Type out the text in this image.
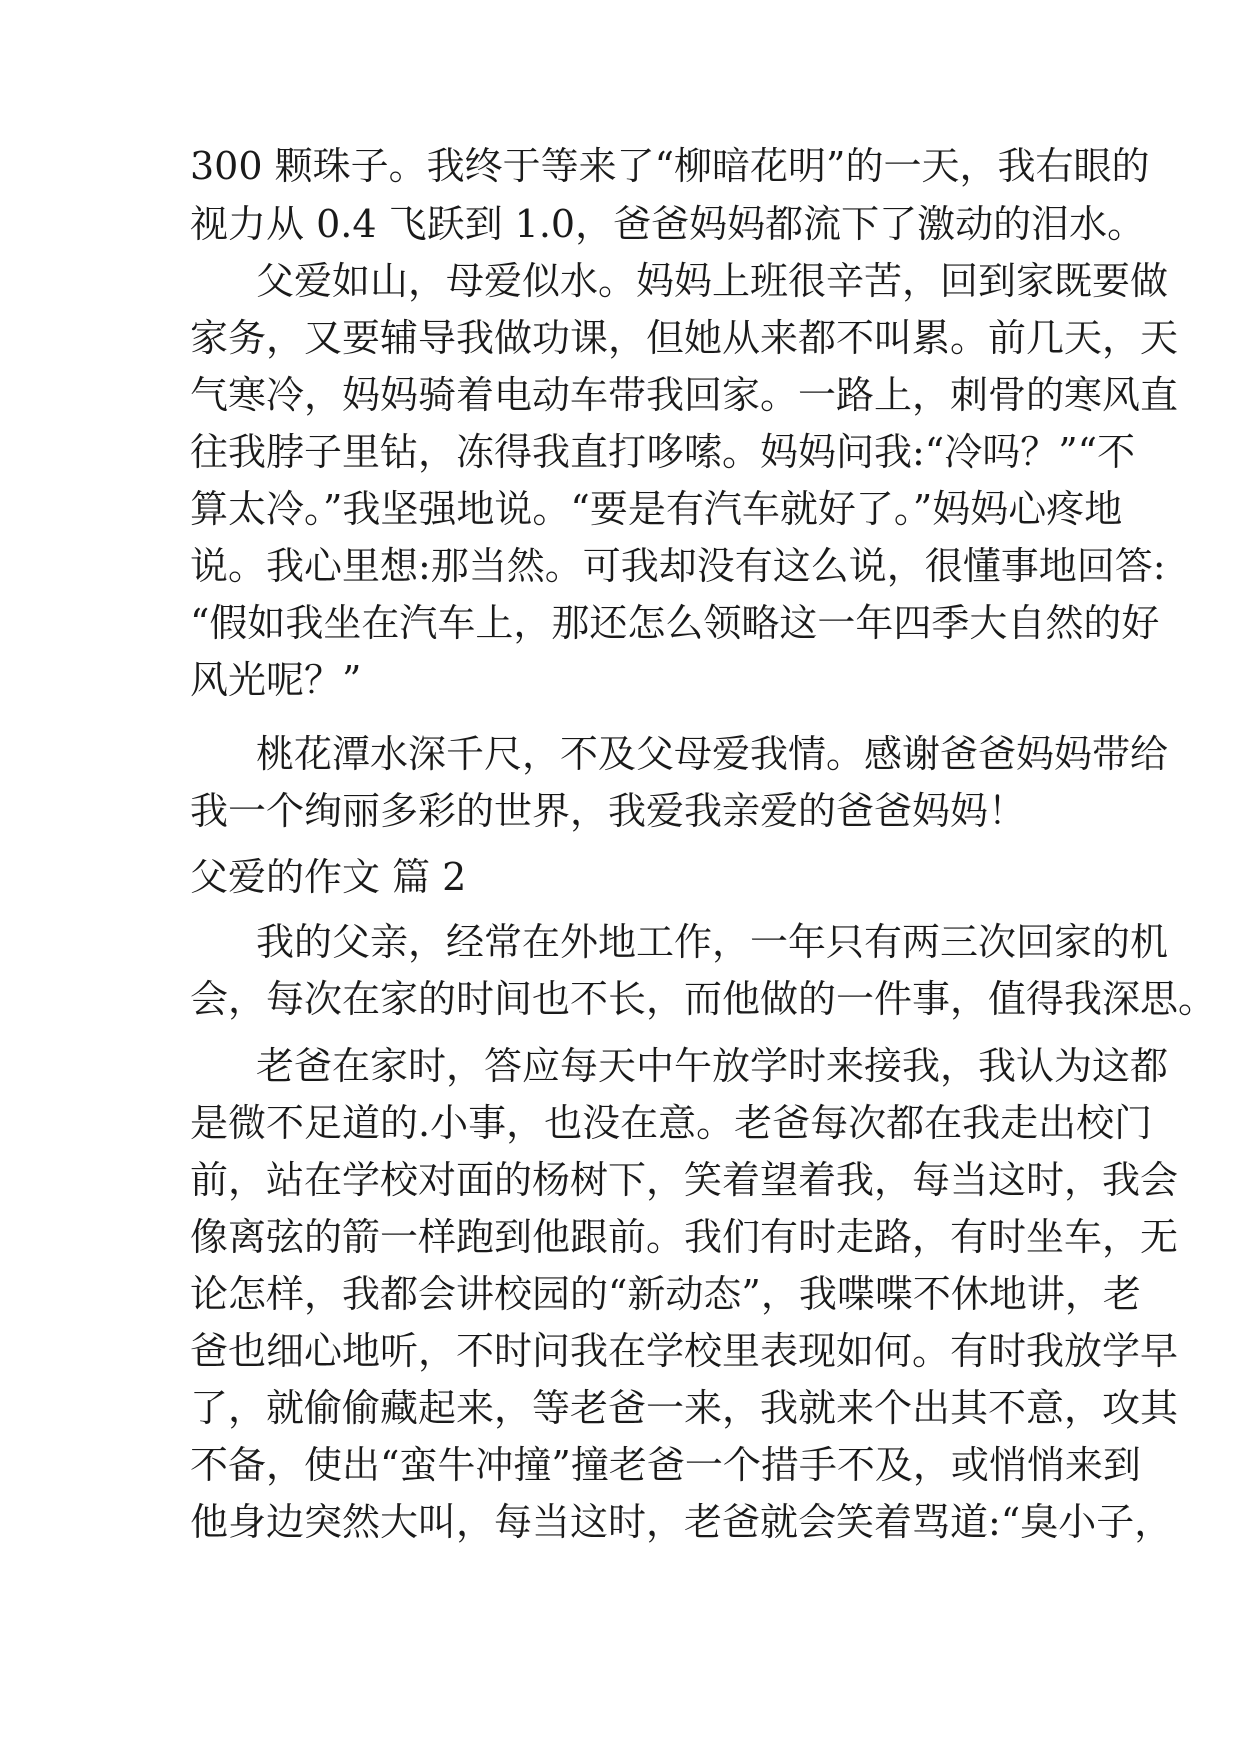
300 颗珠子。我终于等来了“柳暗花明”的一天，我右眼的
视力从 0.4 飞跃到 1.0，爸爸妈妈都流下了激动的泪水。
父爱如山，母爱似水。妈妈上班很辛苦，回到家既要做
家务，又要辅导我做功课，但她从来都不叫累。前几天，天
气寒冷，妈妈骑着电动车带我回家。一路上，刺骨的寒风直
往我脖子里钻，冻得我直打哆嗦。妈妈问我:“冷吗？”“不
算太冷。”我坚强地说。“要是有汽车就好了。”妈妈心疼地
说。我心里想:那当然。可我却没有这么说，很懂事地回答:
“假如我坐在汽车上，那还怎么领略这一年四季大自然的好
风光呢？”
桃花潭水深千尺，不及父母爱我情。感谢爸爸妈妈带给
我一个绚丽多彩的世界，我爱我亲爱的爸爸妈妈！
父爱的作文 篇 2
我的父亲，经常在外地工作，一年只有两三次回家的机
会，每次在家的时间也不长，而他做的一件事，值得我深思。
老爸在家时，答应每天中午放学时来接我，我认为这都
是微不足道的.小事，也没在意。老爸每次都在我走出校门
前，站在学校对面的杨树下，笑着望着我，每当这时，我会
像离弦的箭一样跑到他跟前。我们有时走路，有时坐车，无
论怎样，我都会讲校园的“新动态”，我喋喋不休地讲，老
爸也细心地听，不时问我在学校里表现如何。有时我放学早
了，就偷偷藏起来，等老爸一来，我就来个出其不意，攻其
不备，使出“蛮牛冲撞”撞老爸一个措手不及，或悄悄来到
他身边突然大叫，每当这时，老爸就会笑着骂道:“臭小子，
